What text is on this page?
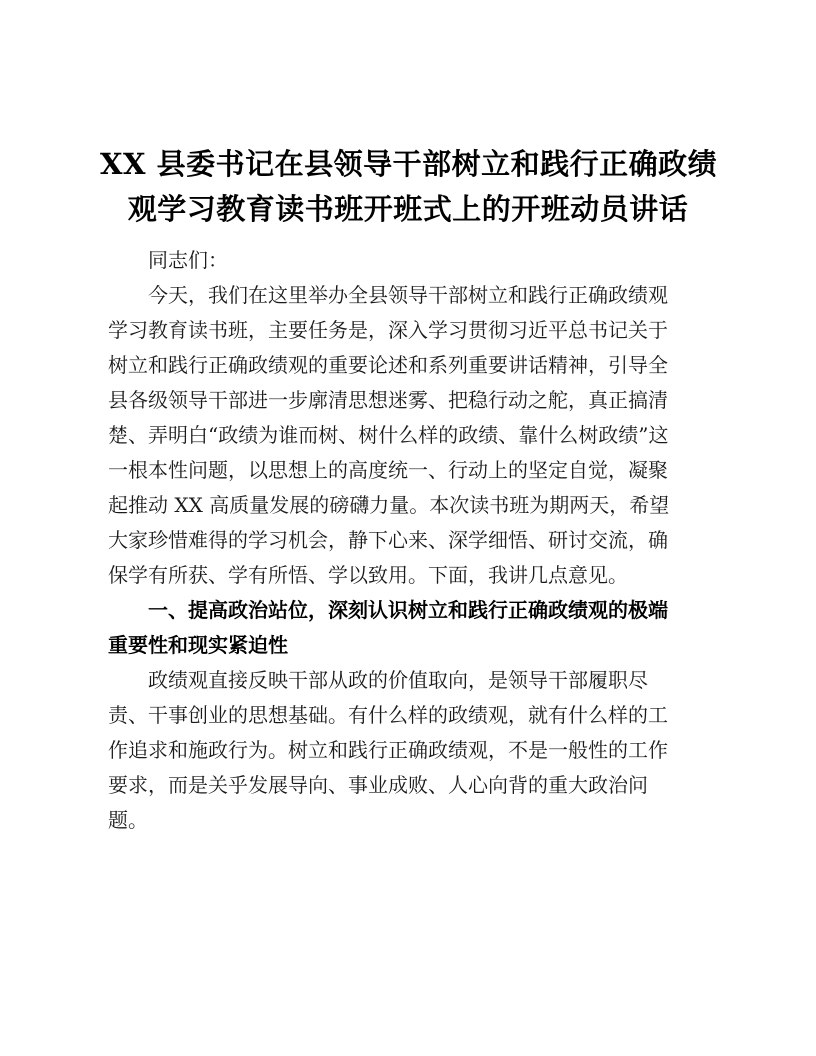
XX 县委书记在县领导干部树立和践行正确政绩
观学习教育读书班开班式上的开班动员讲话
同志们：
今天，我们在这里举办全县领导干部树立和践行正确政绩观
学习教育读书班，主要任务是，深入学习贯彻习近平总书记关于
树立和践行正确政绩观的重要论述和系列重要讲话精神，引导全
县各级领导干部进一步廓清思想迷雾、把稳行动之舵，真正搞清
楚、弄明白“政绩为谁而树、树什么样的政绩、靠什么树政绩”这
一根本性问题，以思想上的高度统一、行动上的坚定自觉，凝聚
起推动 XX 高质量发展的磅礴力量。本次读书班为期两天，希望
大家珍惜难得的学习机会，静下心来、深学细悟、研讨交流，确
保学有所获、学有所悟、学以致用。下面，我讲几点意见。
一、提高政治站位，深刻认识树立和践行正确政绩观的极端
重要性和现实紧迫性
政绩观直接反映干部从政的价值取向，是领导干部履职尽
责、干事创业的思想基础。有什么样的政绩观，就有什么样的工
作追求和施政行为。树立和践行正确政绩观，不是一般性的工作
要求，而是关乎发展导向、事业成败、人心向背的重大政治问
题。
